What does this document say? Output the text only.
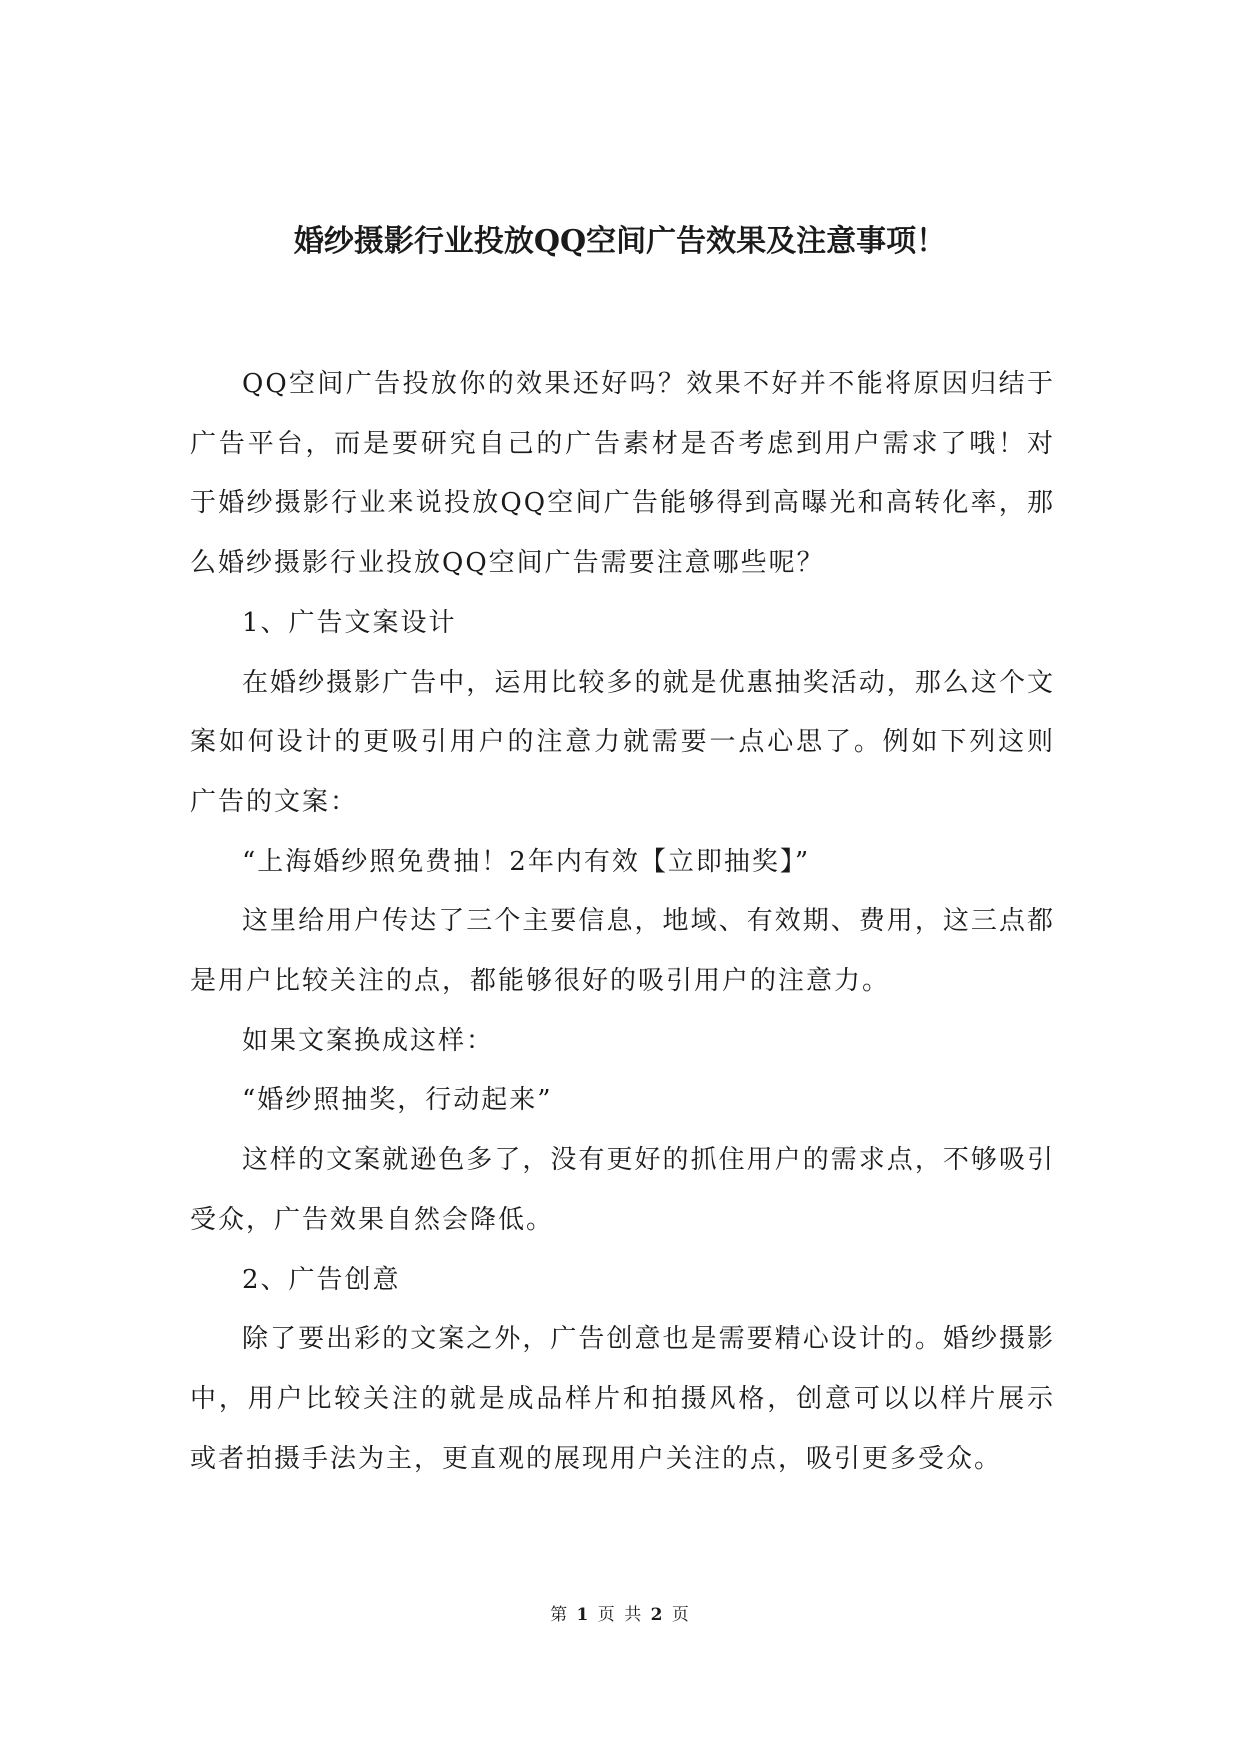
婚纱摄影行业投放QQ空间广告效果及注意事项！

QQ空间广告投放你的效果还好吗？效果不好并不能将原因归结于广告平台，而是要研究自己的广告素材是否考虑到用户需求了哦！对于婚纱摄影行业来说投放QQ空间广告能够得到高曝光和高转化率，那么婚纱摄影行业投放QQ空间广告需要注意哪些呢？

1、广告文案设计

在婚纱摄影广告中，运用比较多的就是优惠抽奖活动，那么这个文案如何设计的更吸引用户的注意力就需要一点心思了。例如下列这则广告的文案：

“上海婚纱照免费抽！2年内有效【立即抽奖】”

这里给用户传达了三个主要信息，地域、有效期、费用，这三点都是用户比较关注的点，都能够很好的吸引用户的注意力。

如果文案换成这样：

“婚纱照抽奖，行动起来”

这样的文案就逊色多了，没有更好的抓住用户的需求点，不够吸引受众，广告效果自然会降低。

2、广告创意

除了要出彩的文案之外，广告创意也是需要精心设计的。婚纱摄影中，用户比较关注的就是成品样片和拍摄风格，创意可以以样片展示或者拍摄手法为主，更直观的展现用户关注的点，吸引更多受众。

第 1 页 共 2 页
